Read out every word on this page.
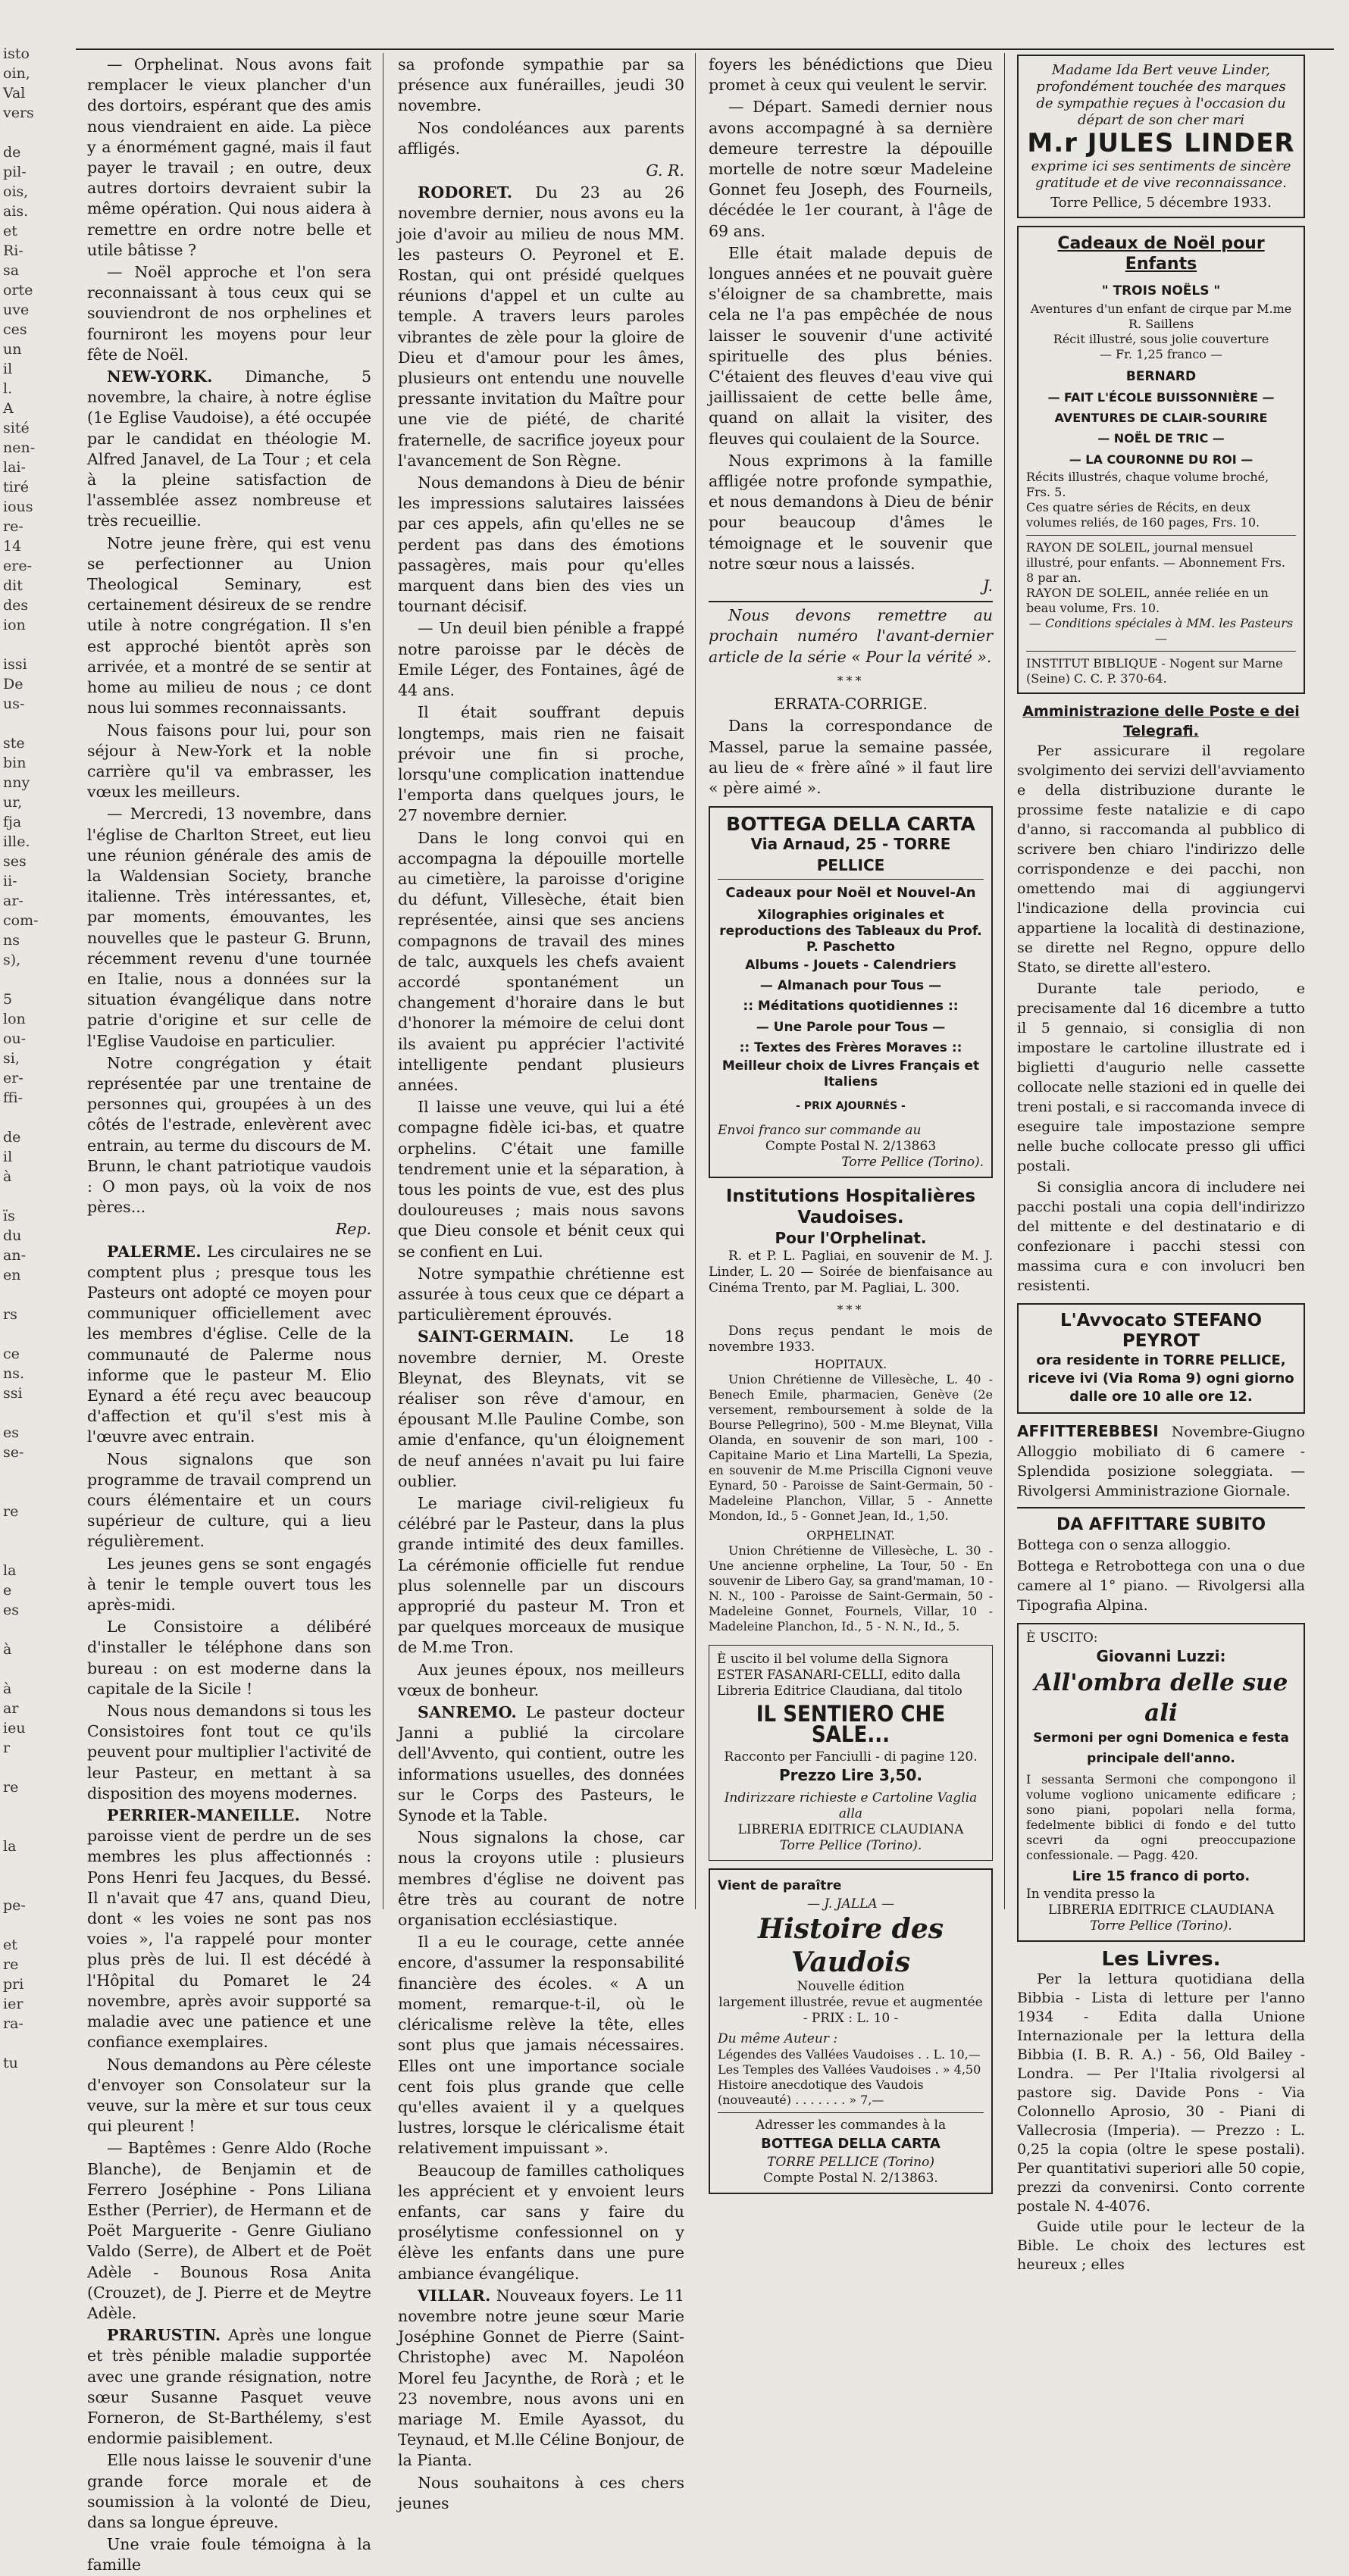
isto
oin,
Val
vers

de
pil-
ois,
ais.
et
Ri-
sa
orte
uve
ces
un
il
l.
A
sité
nen-
lai-
tiré
ious
re-
14
ere-
dit
des
ion

issi
De
us-

ste
bin
nny
ur,
fja
ille.
ses
ii-
ar-
com-
ns
s),

5
lon
ou-
si,
er-
ffi-

de
il
à

ïs
du
an-
en

rs

ce
ns.
ssi

es
se-

re

la
e
es

à

à
ar
ieu
r

re

la

pe-

et
re
pri
ier
ra-

tu

— Orphelinat. Nous avons fait remplacer le vieux plancher d'un des dortoirs, espérant que des amis nous viendraient en aide. La pièce y a énormément gagné, mais il faut payer le travail ; en outre, deux autres dortoirs devraient subir la même opération. Qui nous aidera à remettre en ordre notre belle et utile bâtisse ?

— Noël approche et l'on sera reconnaissant à tous ceux qui se souviendront de nos orphelines et fourniront les moyens pour leur fête de Noël.

NEW-YORK. Dimanche, 5 novembre, la chaire, à notre église (1e Eglise Vaudoise), a été occupée par le candidat en théologie M. Alfred Janavel, de La Tour ; et cela à la pleine satisfaction de l'assemblée assez nombreuse et très recueillie.

Notre jeune frère, qui est venu se perfectionner au Union Theological Seminary, est certainement désireux de se rendre utile à notre congrégation. Il s'en est approché bientôt après son arrivée, et a montré de se sentir at home au milieu de nous ; ce dont nous lui sommes reconnaissants.

Nous faisons pour lui, pour son séjour à New-York et la noble carrière qu'il va embrasser, les vœux les meilleurs.

— Mercredi, 13 novembre, dans l'église de Charlton Street, eut lieu une réunion générale des amis de la Waldensian Society, branche italienne. Très intéressantes, et, par moments, émouvantes, les nouvelles que le pasteur G. Brunn, récemment revenu d'une tournée en Italie, nous a données sur la situation évangélique dans notre patrie d'origine et sur celle de l'Eglise Vaudoise en particulier.

Notre congrégation y était représentée par une trentaine de personnes qui, groupées à un des côtés de l'estrade, enlevèrent avec entrain, au terme du discours de M. Brunn, le chant patriotique vaudois : O mon pays, où la voix de nos pères...

Rep.

PALERME. Les circulaires ne se comptent plus ; presque tous les Pasteurs ont adopté ce moyen pour communiquer officiellement avec les membres d'église. Celle de la communauté de Palerme nous informe que le pasteur M. Elio Eynard a été reçu avec beaucoup d'affection et qu'il s'est mis à l'œuvre avec entrain.

Nous signalons que son programme de travail comprend un cours élémentaire et un cours supérieur de culture, qui a lieu régulièrement.

Les jeunes gens se sont engagés à tenir le temple ouvert tous les après-midi.

Le Consistoire a délibéré d'installer le téléphone dans son bureau : on est moderne dans la capitale de la Sicile !

Nous nous demandons si tous les Consistoires font tout ce qu'ils peuvent pour multiplier l'activité de leur Pasteur, en mettant à sa disposition des moyens modernes.

PERRIER-MANEILLE. Notre paroisse vient de perdre un de ses membres les plus affectionnés : Pons Henri feu Jacques, du Bessé. Il n'avait que 47 ans, quand Dieu, dont « les voies ne sont pas nos voies », l'a rappelé pour monter plus près de lui. Il est décédé à l'Hôpital du Pomaret le 24 novembre, après avoir supporté sa maladie avec une patience et une confiance exemplaires.

Nous demandons au Père céleste d'envoyer son Consolateur sur la veuve, sur la mère et sur tous ceux qui pleurent !

— Baptêmes : Genre Aldo (Roche Blanche), de Benjamin et de Ferrero Joséphine - Pons Liliana Esther (Perrier), de Hermann et de Poët Marguerite - Genre Giuliano Valdo (Serre), de Albert et de Poët Adèle - Bounous Rosa Anita (Crouzet), de J. Pierre et de Meytre Adèle.

PRARUSTIN. Après une longue et très pénible maladie supportée avec une grande résignation, notre sœur Susanne Pasquet veuve Forneron, de St-Barthélemy, s'est endormie paisiblement.

Elle nous laisse le souvenir d'une grande force morale et de soumission à la volonté de Dieu, dans sa longue épreuve.

Une vraie foule témoigna à la famille

sa profonde sympathie par sa présence aux funérailles, jeudi 30 novembre.

Nos condoléances aux parents affligés.

G. R.

RODORET. Du 23 au 26 novembre dernier, nous avons eu la joie d'avoir au milieu de nous MM. les pasteurs O. Peyronel et E. Rostan, qui ont présidé quelques réunions d'appel et un culte au temple. A travers leurs paroles vibrantes de zèle pour la gloire de Dieu et d'amour pour les âmes, plusieurs ont entendu une nouvelle pressante invitation du Maître pour une vie de piété, de charité fraternelle, de sacrifice joyeux pour l'avancement de Son Règne.

Nous demandons à Dieu de bénir les impressions salutaires laissées par ces appels, afin qu'elles ne se perdent pas dans des émotions passagères, mais pour qu'elles marquent dans bien des vies un tournant décisif.

— Un deuil bien pénible a frappé notre paroisse par le décès de Emile Léger, des Fontaines, âgé de 44 ans.

Il était souffrant depuis longtemps, mais rien ne faisait prévoir une fin si proche, lorsqu'une complication inattendue l'emporta dans quelques jours, le 27 novembre dernier.

Dans le long convoi qui en accompagna la dépouille mortelle au cimetière, la paroisse d'origine du défunt, Villesèche, était bien représentée, ainsi que ses anciens compagnons de travail des mines de talc, auxquels les chefs avaient accordé spontanément un changement d'horaire dans le but d'honorer la mémoire de celui dont ils avaient pu apprécier l'activité intelligente pendant plusieurs années.

Il laisse une veuve, qui lui a été compagne fidèle ici-bas, et quatre orphelins. C'était une famille tendrement unie et la séparation, à tous les points de vue, est des plus douloureuses ; mais nous savons que Dieu console et bénit ceux qui se confient en Lui.

Notre sympathie chrétienne est assurée à tous ceux que ce départ a particulièrement éprouvés.

SAINT-GERMAIN. Le 18 novembre dernier, M. Oreste Bleynat, des Bleynats, vit se réaliser son rêve d'amour, en épousant M.lle Pauline Combe, son amie d'enfance, qu'un éloignement de neuf années n'avait pu lui faire oublier.

Le mariage civil-religieux fu célébré par le Pasteur, dans la plus grande intimité des deux familles. La cérémonie officielle fut rendue plus solennelle par un discours approprié du pasteur M. Tron et par quelques morceaux de musique de M.me Tron.

Aux jeunes époux, nos meilleurs vœux de bonheur.

SANREMO. Le pasteur docteur Janni a publié la circolare dell'Avvento, qui contient, outre les informations usuelles, des données sur le Corps des Pasteurs, le Synode et la Table.

Nous signalons la chose, car nous la croyons utile : plusieurs membres d'église ne doivent pas être très au courant de notre organisation ecclésiastique.

Il a eu le courage, cette année encore, d'assumer la responsabilité financière des écoles. « A un moment, remarque-t-il, où le cléricalisme relève la tête, elles sont plus que jamais nécessaires. Elles ont une importance sociale cent fois plus grande que celle qu'elles avaient il y a quelques lustres, lorsque le cléricalisme était relativement impuissant ».

Beaucoup de familles catholiques les apprécient et y envoient leurs enfants, car sans y faire du prosélytisme confessionnel on y élève les enfants dans une pure ambiance évangélique.

VILLAR. Nouveaux foyers. Le 11 novembre notre jeune sœur Marie Joséphine Gonnet de Pierre (Saint-Christophe) avec M. Napoléon Morel feu Jacynthe, de Rorà ; et le 23 novembre, nous avons uni en mariage M. Emile Ayassot, du Teynaud, et M.lle Céline Bonjour, de la Pianta.

Nous souhaitons à ces chers jeunes

foyers les bénédictions que Dieu promet à ceux qui veulent le servir.

— Départ. Samedi dernier nous avons accompagné à sa dernière demeure terrestre la dépouille mortelle de notre sœur Madeleine Gonnet feu Joseph, des Fourneils, décédée le 1er courant, à l'âge de 69 ans.

Elle était malade depuis de longues années et ne pouvait guère s'éloigner de sa chambrette, mais cela ne l'a pas empêchée de nous laisser le souvenir d'une activité spirituelle des plus bénies. C'étaient des fleuves d'eau vive qui jaillissaient de cette belle âme, quand on allait la visiter, des fleuves qui coulaient de la Source.

Nous exprimons à la famille affligée notre profonde sympathie, et nous demandons à Dieu de bénir pour beaucoup d'âmes le témoignage et le souvenir que notre sœur nous a laissés.

J.

Nous devons remettre au prochain numéro l'avant-dernier article de la série « Pour la vérité ».

***

ERRATA-CORRIGE.

Dans la correspondance de Massel, parue la semaine passée, au lieu de « frère aîné » il faut lire « père aimé ».

BOTTEGA DELLA CARTA
Via Arnaud, 25 - TORRE PELLICE
Cadeaux pour Noël et Nouvel-An
Xilographies originales et reproductions des Tableaux du Prof. P. Paschetto
Albums - Jouets - Calendriers
— Almanach pour Tous —
:: Méditations quotidiennes ::
— Une Parole pour Tous —
:: Textes des Frères Moraves ::
Meilleur choix de Livres Français et Italiens
- PRIX AJOURNÉS -
Envoi franco sur commande au
Compte Postal N. 2/13863
Torre Pellice (Torino).
Institutions Hospitalières Vaudoises.
Pour l'Orphelinat.

R. et P. L. Pagliai, en souvenir de M. J. Linder, L. 20 — Soirée de bienfaisance au Cinéma Trento, par M. Pagliai, L. 300.

***

Dons reçus pendant le mois de novembre 1933.

HOPITAUX.

Union Chrétienne de Villesèche, L. 40 - Benech Emile, pharmacien, Genève (2e versement, remboursement à solde de la Bourse Pellegrino), 500 - M.me Bleynat, Villa Olanda, en souvenir de son mari, 100 - Capitaine Mario et Lina Martelli, La Spezia, en souvenir de M.me Priscilla Cignoni veuve Eynard, 50 - Paroisse de Saint-Germain, 50 - Madeleine Planchon, Villar, 5 - Annette Mondon, Id., 5 - Gonnet Jean, Id., 1,50.

ORPHELINAT.

Union Chrétienne de Villesèche, L. 30 - Une ancienne orpheline, La Tour, 50 - En souvenir de Libero Gay, sa grand'maman, 10 - N. N., 100 - Paroisse de Saint-Germain, 50 - Madeleine Gonnet, Fournels, Villar, 10 - Madeleine Planchon, Id., 5 - N. N., Id., 5.

È uscito il bel volume della Signora ESTER FASANARI-CELLI, edito dalla Libreria Editrice Claudiana, dal titolo
IL SENTIERO CHE SALE...
Racconto per Fanciulli - di pagine 120.
Prezzo Lire 3,50.
Indirizzare richieste e Cartoline Vaglia alla
LIBRERIA EDITRICE CLAUDIANA
Torre Pellice (Torino).
Vient de paraître
— J. JALLA —
Histoire des Vaudois
Nouvelle édition
largement illustrée, revue et augmentée
- PRIX : L. 10 -
Du même Auteur :
Légendes des Vallées Vaudoises . . L. 10,—
Les Temples des Vallées Vaudoises . » 4,50
Histoire anecdotique des Vaudois (nouveauté) . . . . . . . » 7,—
Adresser les commandes à la
BOTTEGA DELLA CARTA
TORRE PELLICE (Torino)
Compte Postal N. 2/13863.
Madame Ida Bert veuve Linder, profondément touchée des marques de sympathie reçues à l'occasion du départ de son cher mari
M.r JULES LINDER
exprime ici ses sentiments de sincère gratitude et de vive reconnaissance.
Torre Pellice, 5 décembre 1933.
Cadeaux de Noël pour Enfants
" TROIS NOËLS "
Aventures d'un enfant de cirque par M.me R. Saillens
Récit illustré, sous jolie couverture
— Fr. 1,25 franco —
BERNARD
— FAIT L'ÉCOLE BUISSONNIÈRE —
AVENTURES DE CLAIR-SOURIRE
— NOËL DE TRIC —
— LA COURONNE DU ROI —
Récits illustrés, chaque volume broché, Frs. 5.
Ces quatre séries de Récits, en deux volumes reliés, de 160 pages, Frs. 10.
RAYON DE SOLEIL, journal mensuel illustré, pour enfants. — Abonnement Frs. 8 par an.
RAYON DE SOLEIL, année reliée en un beau volume, Frs. 10.
— Conditions spéciales à MM. les Pasteurs —
INSTITUT BIBLIQUE - Nogent sur Marne (Seine) C. C. P. 370-64.
Amministrazione delle Poste e dei Telegrafi.

Per assicurare il regolare svolgimento dei servizi dell'avviamento e della distribuzione durante le prossime feste natalizie e di capo d'anno, si raccomanda al pubblico di scrivere ben chiaro l'indirizzo delle corrispondenze e dei pacchi, non omettendo mai di aggiungervi l'indicazione della provincia cui appartiene la località di destinazione, se dirette nel Regno, oppure dello Stato, se dirette all'estero.

Durante tale periodo, e precisamente dal 16 dicembre a tutto il 5 gennaio, si consiglia di non impostare le cartoline illustrate ed i biglietti d'augurio nelle cassette collocate nelle stazioni ed in quelle dei treni postali, e si raccomanda invece di eseguire tale impostazione sempre nelle buche collocate presso gli uffici postali.

Si consiglia ancora di includere nei pacchi postali una copia dell'indirizzo del mittente e del destinatario e di confezionare i pacchi stessi con massima cura e con involucri ben resistenti.

L'Avvocato STEFANO PEYROT
ora residente in TORRE PELLICE, riceve ivi (Via Roma 9) ogni giorno dalle ore 10 alle ore 12.

AFFITTEREBBESI Novembre-Giugno Alloggio mobiliato di 6 camere - Splendida posizione soleggiata. — Rivolgersi Amministrazione Giornale.

DA AFFITTARE SUBITO

Bottega con o senza alloggio.

Bottega e Retrobottega con una o due camere al 1° piano. — Rivolgersi alla Tipografia Alpina.

È USCITO:
Giovanni Luzzi:
All'ombra delle sue ali
Sermoni per ogni Domenica e festa principale dell'anno.
I sessanta Sermoni che compongono il volume vogliono unicamente edificare ; sono piani, popolari nella forma, fedelmente biblici di fondo e del tutto scevri da ogni preoccupazione confessionale. — Pagg. 420.
Lire 15 franco di porto.
In vendita presso la
LIBRERIA EDITRICE CLAUDIANA
Torre Pellice (Torino).
Les Livres.

Per la lettura quotidiana della Bibbia - Lista di letture per l'anno 1934 - Edita dalla Unione Internazionale per la lettura della Bibbia (I. B. R. A.) - 56, Old Bailey - Londra. — Per l'Italia rivolgersi al pastore sig. Davide Pons - Via Colonnello Aprosio, 30 - Piani di Vallecrosia (Imperia). — Prezzo : L. 0,25 la copia (oltre le spese postali). Per quantitativi superiori alle 50 copie, prezzi da convenirsi. Conto corrente postale N. 4-4076.

Guide utile pour le lecteur de la Bible. Le choix des lectures est heureux ; elles
